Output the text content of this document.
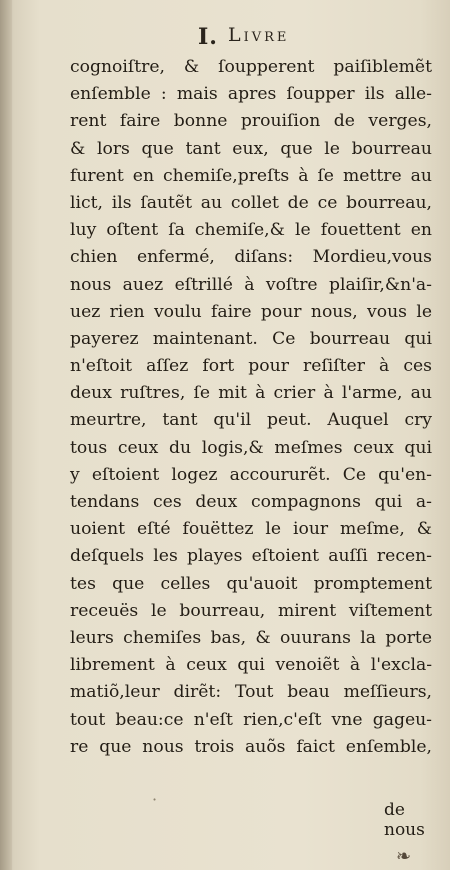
I. Livre
cognoiſtre, & ſoupperent paiſiblemẽt
enſemble : mais apres ſoupper ils alle-
rent faire bonne prouiſion de verges,
& lors que tant eux, que le bourreau
furent en chemiſe,preſts à ſe mettre au
lict, ils ſautẽt au collet de ce bourreau,
luy oſtent ſa chemiſe,& le fouettent en
chien enfermé, diſans: Mordieu,vous
nous auez eſtrillé à voſtre plaiſir,&n'a-
uez rien voulu faire pour nous, vous le
payerez maintenant. Ce bourreau qui
n'eſtoit aſſez fort pour reſiſter à ces
deux ruſtres, ſe mit à crier à l'arme, au
meurtre, tant qu'il peut. Auquel cry
tous ceux du logis,& meſmes ceux qui
y eſtoient logez accoururẽt. Ce qu'en-
tendans ces deux compagnons qui a-
uoient eſté fouëttez le iour meſme, &
deſquels les playes eſtoient auſſi recen-
tes que celles qu'auoit promptement
receuës le bourreau, mirent viſtement
leurs chemiſes bas, & ouurans la porte
librement à ceux qui venoiẽt à l'excla-
matiõ,leur dirẽt: Tout beau meſſieurs,
tout beau:ce n'eſt rien,c'eſt vne gageu-
re que nous trois auõs faict enſemble,
de nous
·
❧
